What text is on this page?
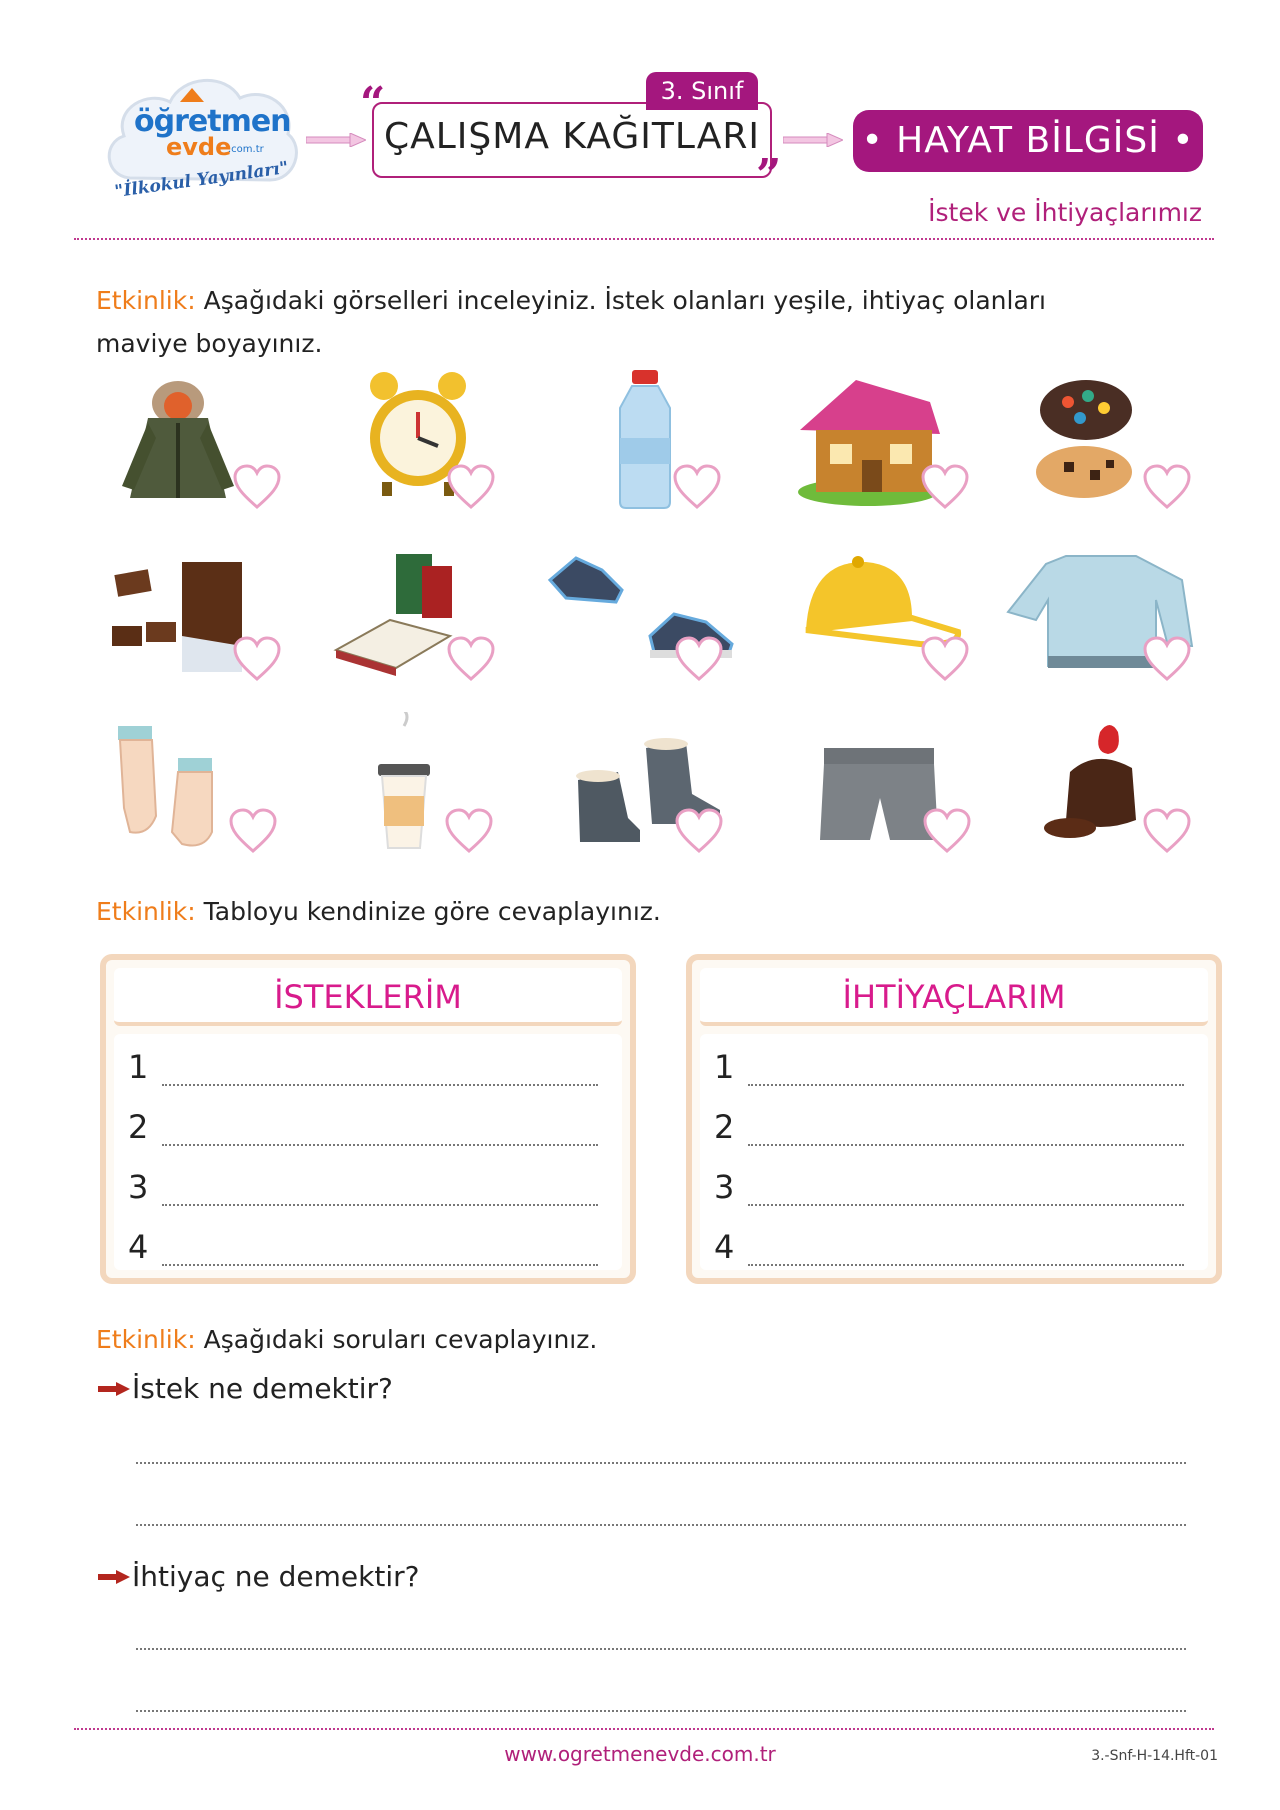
öğretmen
evde
.com.tr
"İlkokul Yayınları"
“	3. Sınıf
ÇALIŞMA KAĞITLARI
”
• HAYAT BİLGİSİ •
İstek ve İhtiyaçlarımız
Etkinlik: Aşağıdaki görselleri inceleyiniz. İstek olanları yeşile, ihtiyaç olanları
maviye boyayınız.
Etkinlik: Tabloyu kendinize göre cevaplayınız.
İSTEKLERİM
1
2
3
4
İHTİYAÇLARIM
1
2
3
4
Etkinlik: Aşağıdaki soruları cevaplayınız.
İstek ne demektir?
İhtiyaç ne demektir?
www.ogretmenevde.com.tr	3.-Snf-H-14.Hft-01
